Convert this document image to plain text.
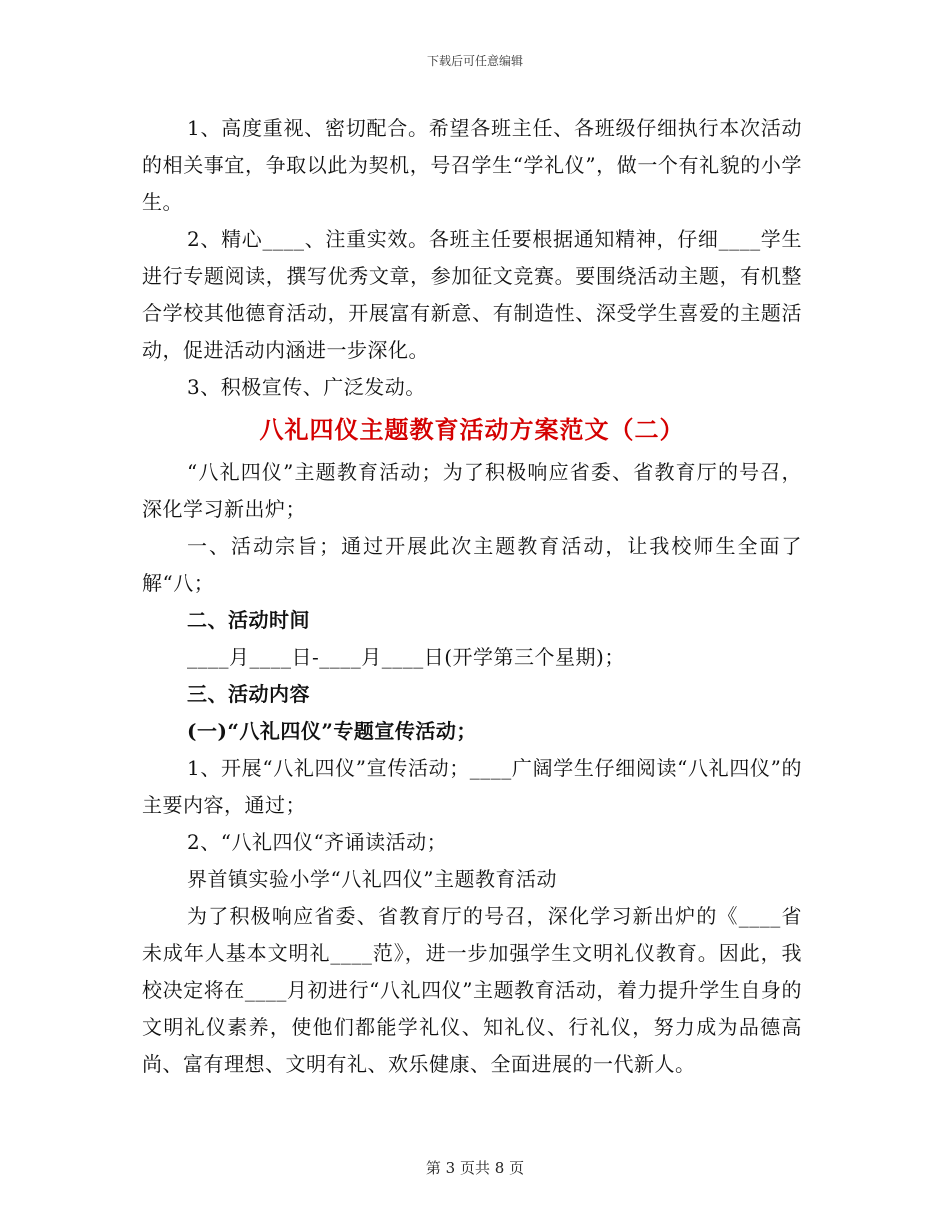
下载后可任意编辑

1、高度重视、密切配合。希望各班主任、各班级仔细执行本次活动的相关事宜，争取以此为契机，号召学生“学礼仪”，做一个有礼貌的小学生。

2、精心____、注重实效。各班主任要根据通知精神，仔细____学生进行专题阅读，撰写优秀文章，参加征文竞赛。要围绕活动主题，有机整合学校其他德育活动，开展富有新意、有制造性、深受学生喜爱的主题活动，促进活动内涵进一步深化。

3、积极宣传、广泛发动。

八礼四仪主题教育活动方案范文（二）

“八礼四仪”主题教育活动；为了积极响应省委、省教育厅的号召，深化学习新出炉；

一、活动宗旨；通过开展此次主题教育活动，让我校师生全面了解“八；

二、活动时间

____月____日-____月____日(开学第三个星期)；

三、活动内容

(一)“八礼四仪”专题宣传活动；

1、开展“八礼四仪”宣传活动；____广阔学生仔细阅读“八礼四仪”的主要内容，通过；

2、“八礼四仪“齐诵读活动；

界首镇实验小学“八礼四仪”主题教育活动

为了积极响应省委、省教育厅的号召，深化学习新出炉的《____省未成年人基本文明礼____范》，进一步加强学生文明礼仪教育。因此，我校决定将在____月初进行“八礼四仪”主题教育活动，着力提升学生自身的文明礼仪素养，使他们都能学礼仪、知礼仪、行礼仪，努力成为品德高尚、富有理想、文明有礼、欢乐健康、全面进展的一代新人。

第 3 页共 8 页
